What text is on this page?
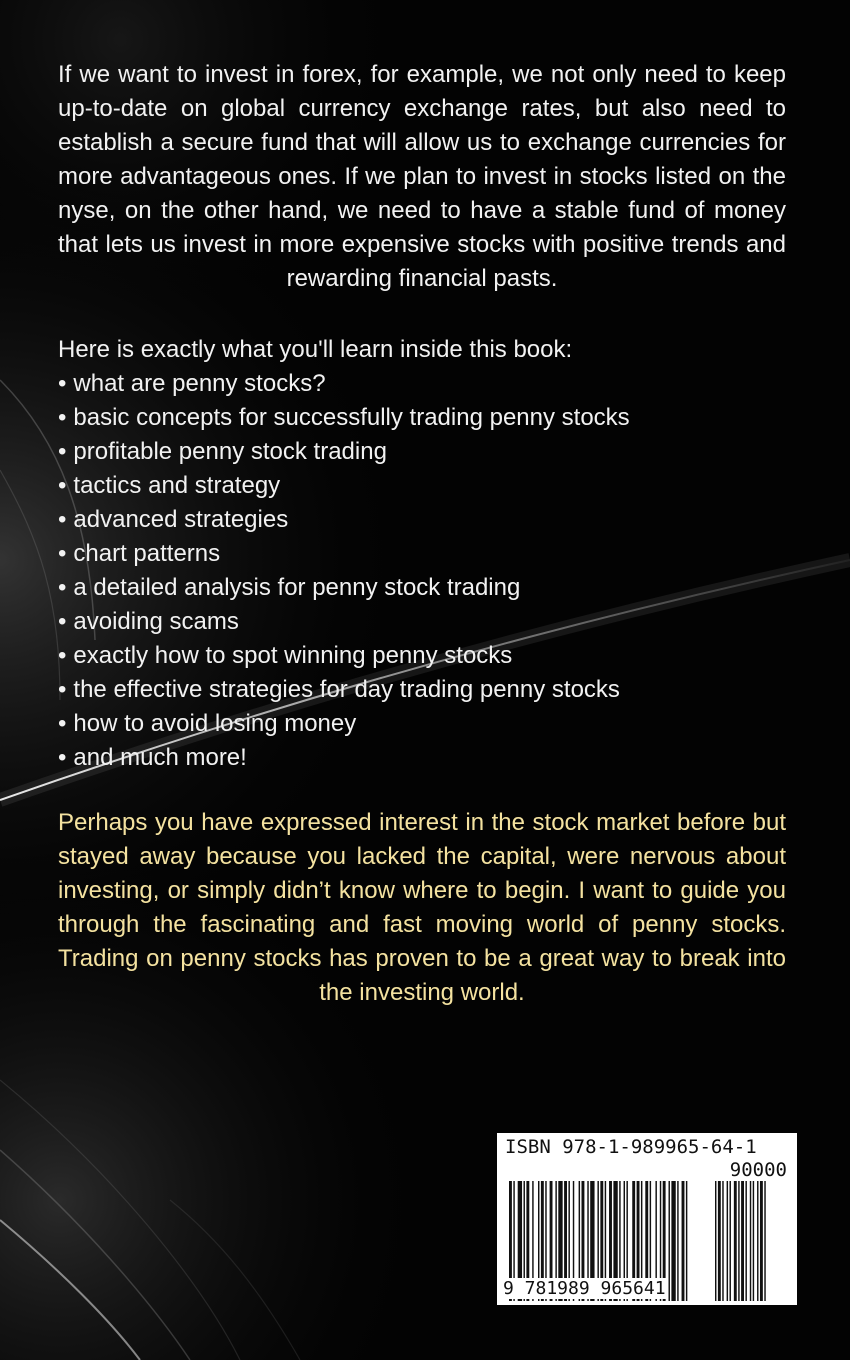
If we want to invest in forex, for example, we not only need to keep up-to-date on global currency exchange rates, but also need to establish a secure fund that will allow us to exchange currencies for more advantageous ones. If we plan to invest in stocks listed on the nyse, on the other hand, we need to have a stable fund of money that lets us invest in more expensive stocks with positive trends and rewarding financial pasts.

Here is exactly what you'll learn inside this book:

• what are penny stocks?
• basic concepts for successfully trading penny stocks
• profitable penny stock trading
• tactics and strategy
• advanced strategies
• chart patterns
• a detailed analysis for penny stock trading
• avoiding scams
• exactly how to spot winning penny stocks
• the effective strategies for day trading penny stocks
• how to avoid losing money
• and much more!
Perhaps you have expressed interest in the stock market before but stayed away because you lacked the capital, were nervous about investing, or simply didn’t know where to begin. I want to guide you through the fascinating and fast moving world of penny stocks. Trading on penny stocks has proven to be a great way to break into the investing world.
ISBN 978-1-989965-64-1
90000
9 781989 965641
